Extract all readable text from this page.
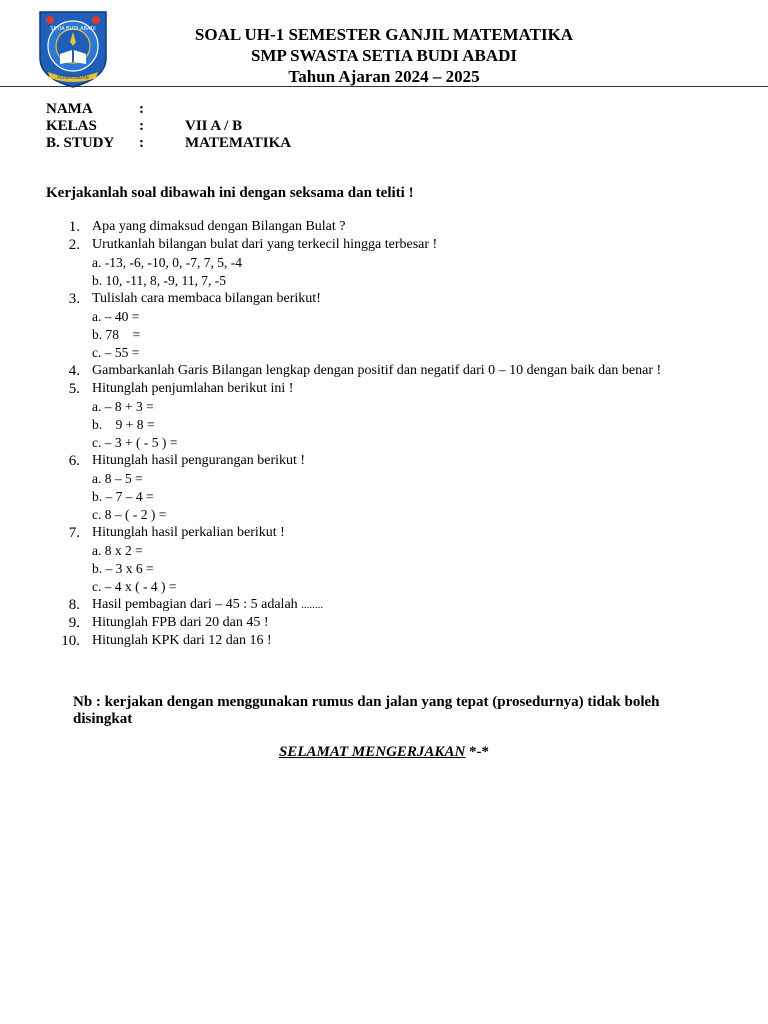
SETIA BUDI ABADI
PERBAUNGAN
SOAL UH-1 SEMESTER GANJIL MATEMATIKA
SMP SWASTA SETIA BUDI ABADI
Tahun Ajaran 2024 – 2025
NAMA	:
KELAS	:	VII A / B
B. STUDY :	MATEMATIKA
Kerjakanlah soal dibawah ini dengan seksama dan teliti !
1. Apa yang dimaksud dengan Bilangan Bulat ?
2. Urutkanlah bilangan bulat dari yang terkecil hingga terbesar !
a. -13, -6, -10, 0, -7, 7, 5, -4
b. 10, -11, 8, -9, 11, 7, -5
3. Tulislah cara membaca bilangan berikut!
a. – 40 =
b. 78    =
c. – 55 =
4. Gambarkanlah Garis Bilangan lengkap dengan positif dan negatif dari 0 – 10 dengan baik dan benar !
5. Hitunglah penjumlahan berikut ini !
a. – 8 + 3 =
b.    9 + 8 =
c. – 3 + ( - 5 ) =
6. Hitunglah hasil pengurangan berikut !
a. 8 – 5 =
b. – 7 – 4 =
c. 8 – ( - 2 ) =
7. Hitunglah hasil perkalian berikut !
a. 8 x 2 =
b. – 3 x 6 =
c. – 4 x ( - 4 ) =
8. Hasil pembagian dari – 45 : 5 adalah ........
9. Hitunglah FPB dari 20 dan 45 !
10. Hitunglah KPK dari 12 dan 16 !
Nb : kerjakan dengan menggunakan rumus dan jalan yang tepat (prosedurnya) tidak boleh disingkat
SELAMAT MENGERJAKAN *-*
